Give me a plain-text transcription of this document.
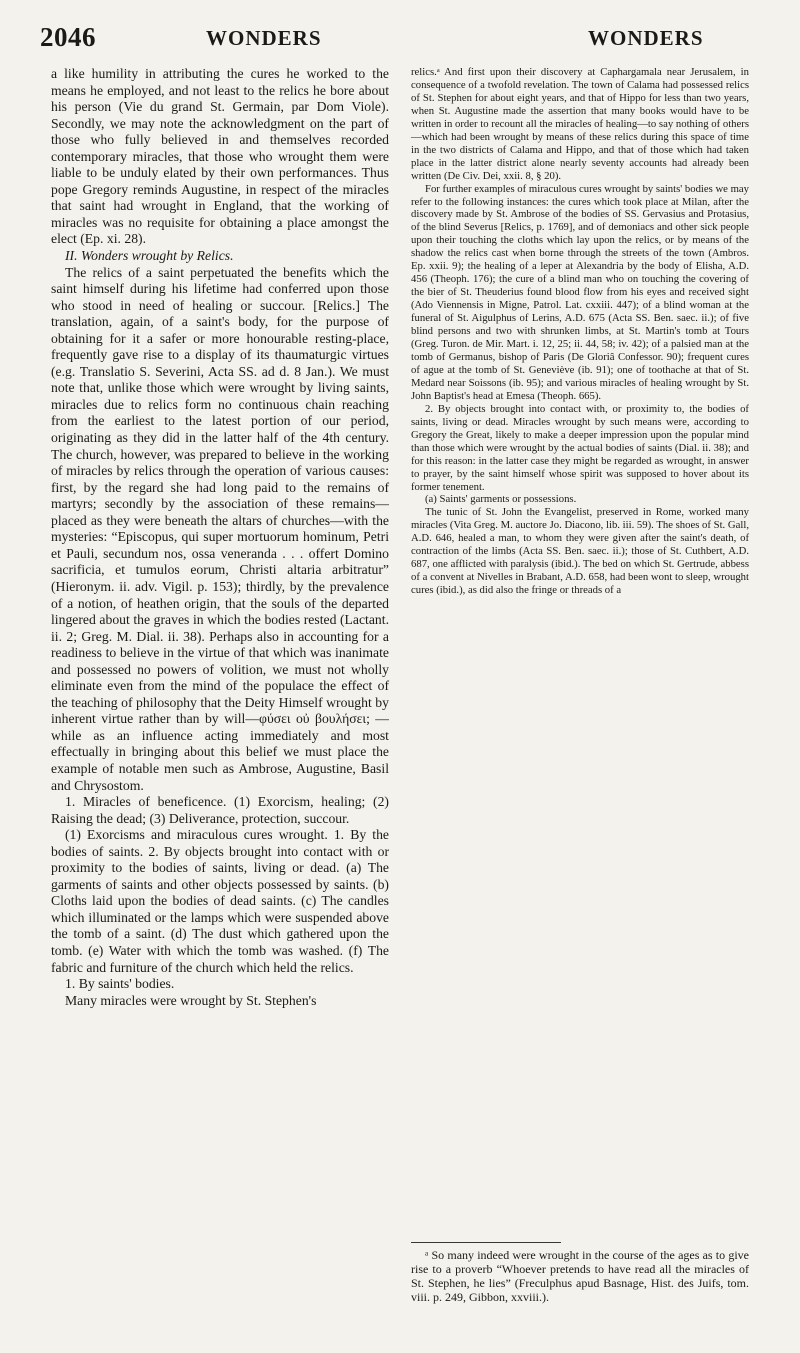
2046	WONDERS	WONDERS

a like humility in attributing the cures he worked to the means he employed, and not least to the relics he bore about his person (Vie du grand St. Germain, par Dom Viole). Secondly, we may note the acknowledgment on the part of those who fully believed in and themselves recorded contemporary miracles, that those who wrought them were liable to be unduly elated by their own performances. Thus pope Gregory reminds Augustine, in respect of the miracles that saint had wrought in England, that the working of miracles was no requisite for obtaining a place amongst the elect (Ep. xi. 28).

II. Wonders wrought by Relics.

The relics of a saint perpetuated the benefits which the saint himself during his lifetime had conferred upon those who stood in need of healing or succour. [Relics.] The translation, again, of a saint's body, for the purpose of obtaining for it a safer or more honourable resting-place, frequently gave rise to a display of its thaumaturgic virtues (e.g. Translatio S. Severini, Acta SS. ad d. 8 Jan.). We must note that, unlike those which were wrought by living saints, miracles due to relics form no continuous chain reaching from the earliest to the latest portion of our period, originating as they did in the latter half of the 4th century. The church, however, was prepared to believe in the working of miracles by relics through the operation of various causes: first, by the regard she had long paid to the remains of martyrs; secondly by the association of these remains—placed as they were beneath the altars of churches—with the mysteries: “Episcopus, qui super mortuorum hominum, Petri et Pauli, secundum nos, ossa veneranda . . . offert Domino sacrificia, et tumulos eorum, Christi altaria arbitratur” (Hieronym. ii. adv. Vigil. p. 153); thirdly, by the prevalence of a notion, of heathen origin, that the souls of the departed lingered about the graves in which the bodies rested (Lactant. ii. 2; Greg. M. Dial. ii. 38). Perhaps also in accounting for a readiness to believe in the virtue of that which was inanimate and possessed no powers of volition, we must not wholly eliminate even from the mind of the populace the effect of the teaching of philosophy that the Deity Himself wrought by inherent virtue rather than by will—φύσει οὐ βουλήσει; —while as an influence acting immediately and most effectually in bringing about this belief we must place the example of notable men such as Ambrose, Augustine, Basil and Chrysostom.

1. Miracles of beneficence. (1) Exorcism, healing; (2) Raising the dead; (3) Deliverance, protection, succour.

(1) Exorcisms and miraculous cures wrought. 1. By the bodies of saints. 2. By objects brought into contact with or proximity to the bodies of saints, living or dead. (a) The garments of saints and other objects possessed by saints. (b) Cloths laid upon the bodies of dead saints. (c) The candles which illuminated or the lamps which were suspended above the tomb of a saint. (d) The dust which gathered upon the tomb. (e) Water with which the tomb was washed. (f) The fabric and furniture of the church which held the relics.

1. By saints' bodies.

Many miracles were wrought by St. Stephen's

relics.ᵃ And first upon their discovery at Caphargamala near Jerusalem, in consequence of a twofold revelation. The town of Calama had possessed relics of St. Stephen for about eight years, and that of Hippo for less than two years, when St. Augustine made the assertion that many books would have to be written in order to recount all the miracles of healing—to say nothing of others—which had been wrought by means of these relics during this space of time in the two districts of Calama and Hippo, and that of those which had taken place in the latter district alone nearly seventy accounts had already been written (De Civ. Dei, xxii. 8, § 20).

For further examples of miraculous cures wrought by saints' bodies we may refer to the following instances: the cures which took place at Milan, after the discovery made by St. Ambrose of the bodies of SS. Gervasius and Protasius, of the blind Severus [Relics, p. 1769], and of demoniacs and other sick people upon their touching the cloths which lay upon the relics, or by means of the shadow the relics cast when borne through the streets of the town (Ambros. Ep. xxii. 9); the healing of a leper at Alexandria by the body of Elisha, A.D. 456 (Theoph. 176); the cure of a blind man who on touching the covering of the bier of St. Theuderius found blood flow from his eyes and received sight (Ado Viennensis in Migne, Patrol. Lat. cxxiii. 447); of a blind woman at the funeral of St. Aigulphus of Lerins, A.D. 675 (Acta SS. Ben. saec. ii.); of five blind persons and two with shrunken limbs, at St. Martin's tomb at Tours (Greg. Turon. de Mir. Mart. i. 12, 25; ii. 44, 58; iv. 42); of a palsied man at the tomb of Germanus, bishop of Paris (De Gloriâ Confessor. 90); frequent cures of ague at the tomb of St. Geneviève (ib. 91); one of toothache at that of St. Medard near Soissons (ib. 95); and various miracles of healing wrought by St. John Baptist's head at Emesa (Theoph. 665).

2. By objects brought into contact with, or proximity to, the bodies of saints, living or dead. Miracles wrought by such means were, according to Gregory the Great, likely to make a deeper impression upon the popular mind than those which were wrought by the actual bodies of saints (Dial. ii. 38); and for this reason: in the latter case they might be regarded as wrought, in answer to prayer, by the saint himself whose spirit was supposed to hover about its former tenement.

(a) Saints' garments or possessions.

The tunic of St. John the Evangelist, preserved in Rome, worked many miracles (Vita Greg. M. auctore Jo. Diacono, lib. iii. 59). The shoes of St. Gall, A.D. 646, healed a man, to whom they were given after the saint's death, of contraction of the limbs (Acta SS. Ben. saec. ii.); those of St. Cuthbert, A.D. 687, one afflicted with paralysis (ibid.). The bed on which St. Gertrude, abbess of a convent at Nivelles in Brabant, A.D. 658, had been wont to sleep, wrought cures (ibid.), as did also the fringe or threads of a

ᵃ So many indeed were wrought in the course of the ages as to give rise to a proverb “Whoever pretends to have read all the miracles of St. Stephen, he lies” (Freculphus apud Basnage, Hist. des Juifs, tom. viii. p. 249, Gibbon, xxviii.).
